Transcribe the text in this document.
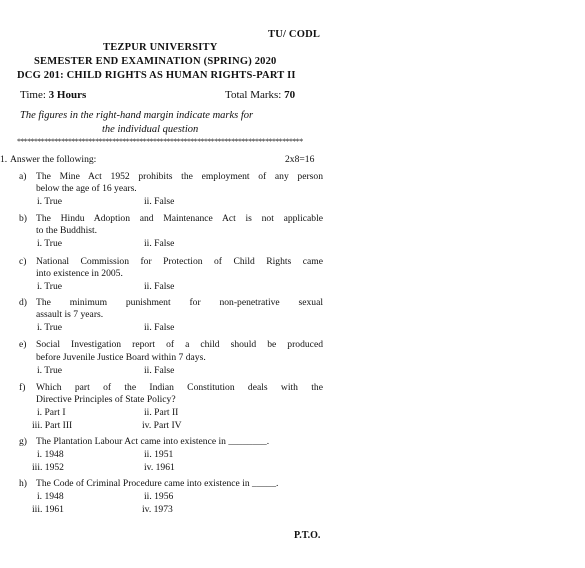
TU/ CODL
TEZPUR UNIVERSITY
SEMESTER END EXAMINATION (SPRING) 2020
DCG 201: CHILD RIGHTS AS HUMAN RIGHTS-PART II
Time: 3 Hours	Total Marks: 70
The figures in the right-hand margin indicate marks for
the individual question
************************************************************************************
1. Answer the following:	2x8=16
a) The Mine Act 1952 prohibits the employment of any person
below the age of 16 years.
i. True	ii. False
b) The Hindu Adoption and Maintenance Act is not applicable
to the Buddhist.
i. True	ii. False
c) National Commission for Protection of Child Rights came
into existence in 2005.
i. True	ii. False
d) The minimum punishment for non-penetrative sexual
assault is 7 years.
i. True	ii. False
e) Social Investigation report of a child should be produced
before Juvenile Justice Board within 7 days.
i. True	ii. False
f) Which part of the Indian Constitution deals with the
Directive Principles of State Policy?
i. Part I	ii. Part II
iii. Part III	iv. Part IV
g) The Plantation Labour Act came into existence in ________.
i. 1948	ii. 1951
iii. 1952	iv. 1961
h) The Code of Criminal Procedure came into existence in _____.
i. 1948	ii. 1956
iii. 1961	iv. 1973
P.T.O.
